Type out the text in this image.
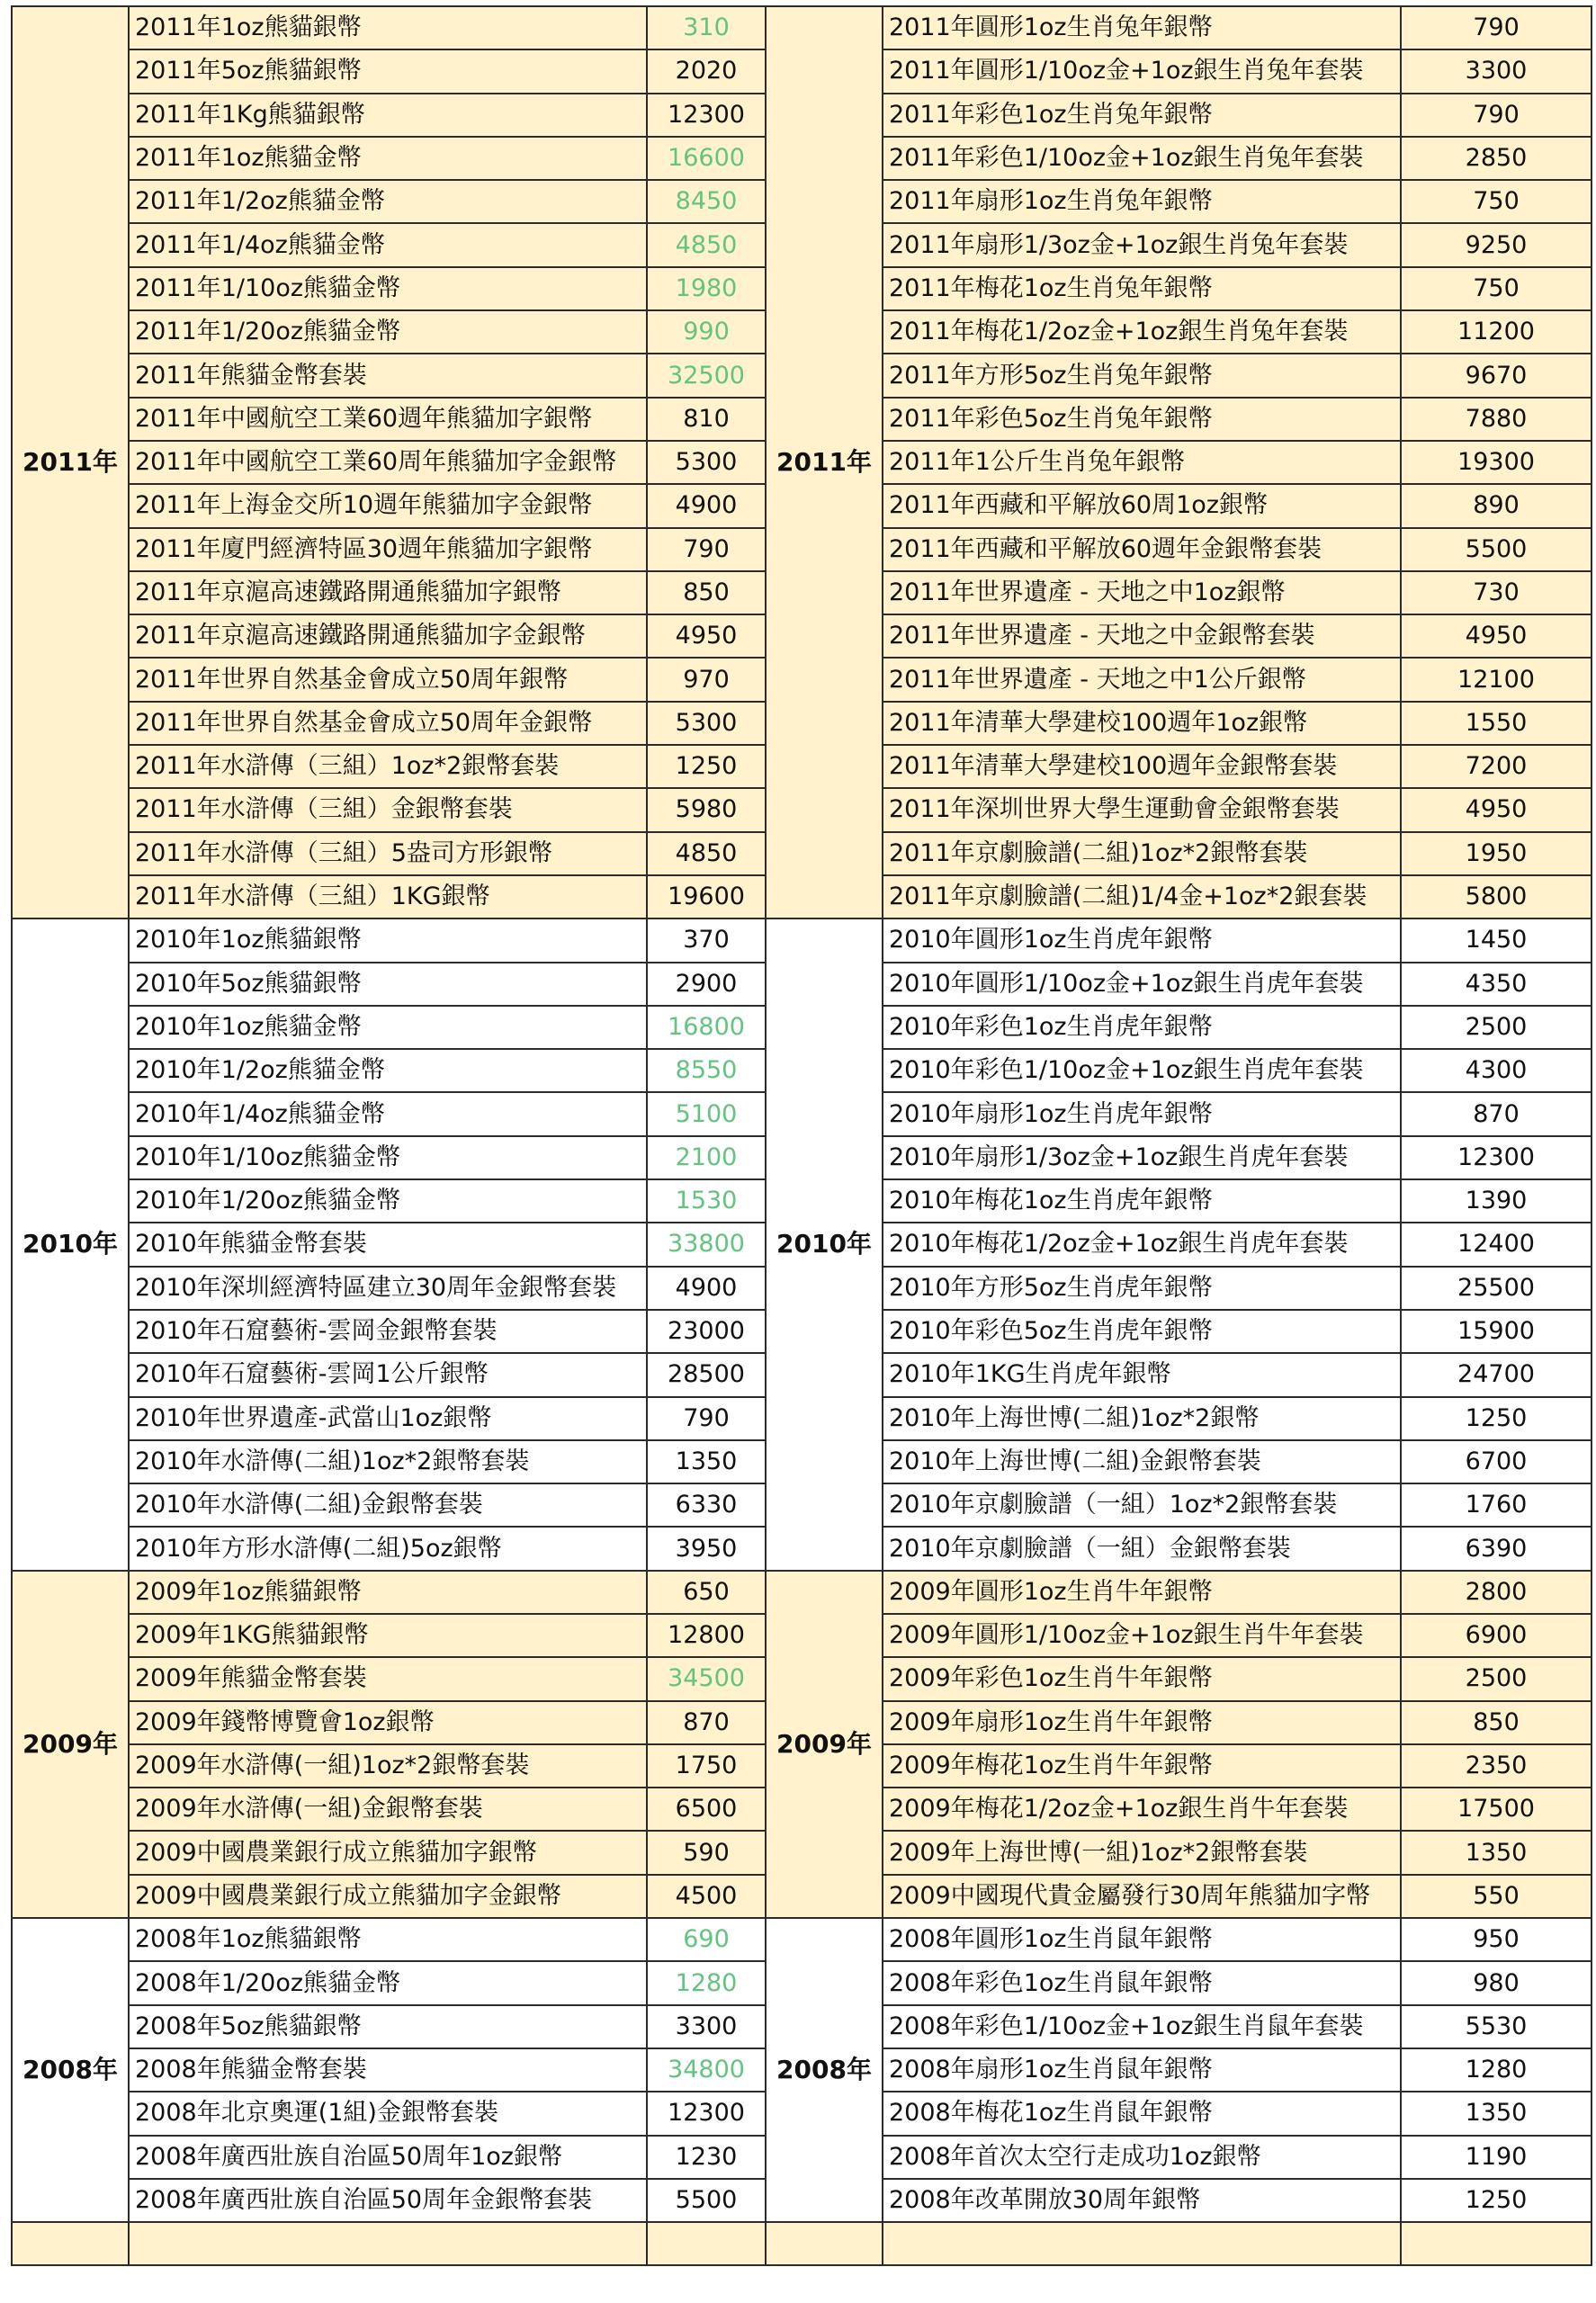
2011年	2011年1oz熊貓銀幣	310	2011年	2011年圓形1oz生肖兔年銀幣	790
	2011年5oz熊貓銀幣	2020		2011年圓形1/10oz金+1oz銀生肖兔年套裝	3300
	2011年1Kg熊貓銀幣	12300		2011年彩色1oz生肖兔年銀幣	790
	2011年1oz熊貓金幣	16600		2011年彩色1/10oz金+1oz銀生肖兔年套裝	2850
	2011年1/2oz熊貓金幣	8450		2011年扇形1oz生肖兔年銀幣	750
	2011年1/4oz熊貓金幣	4850		2011年扇形1/3oz金+1oz銀生肖兔年套裝	9250
	2011年1/10oz熊貓金幣	1980		2011年梅花1oz生肖兔年銀幣	750
	2011年1/20oz熊貓金幣	990		2011年梅花1/2oz金+1oz銀生肖兔年套裝	11200
	2011年熊貓金幣套裝	32500		2011年方形5oz生肖兔年銀幣	9670
	2011年中國航空工業60週年熊貓加字銀幣	810		2011年彩色5oz生肖兔年銀幣	7880
	2011年中國航空工業60周年熊貓加字金銀幣	5300		2011年1公斤生肖兔年銀幣	19300
	2011年上海金交所10週年熊貓加字金銀幣	4900		2011年西藏和平解放60周1oz銀幣	890
	2011年廈門經濟特區30週年熊貓加字銀幣	790		2011年西藏和平解放60週年金銀幣套裝	5500
	2011年京滬高速鐵路開通熊貓加字銀幣	850		2011年世界遺產 - 天地之中1oz銀幣	730
	2011年京滬高速鐵路開通熊貓加字金銀幣	4950		2011年世界遺產 - 天地之中金銀幣套裝	4950
	2011年世界自然基金會成立50周年銀幣	970		2011年世界遺產 - 天地之中1公斤銀幣	12100
	2011年世界自然基金會成立50周年金銀幣	5300		2011年清華大學建校100週年1oz銀幣	1550
	2011年水滸傳（三組）1oz*2銀幣套裝	1250		2011年清華大學建校100週年金銀幣套裝	7200
	2011年水滸傳（三組）金銀幣套裝	5980		2011年深圳世界大學生運動會金銀幣套裝	4950
	2011年水滸傳（三組）5盎司方形銀幣	4850		2011年京劇臉譜(二組)1oz*2銀幣套裝	1950
	2011年水滸傳（三組）1KG銀幣	19600		2011年京劇臉譜(二組)1/4金+1oz*2銀套裝	5800
2010年	2010年1oz熊貓銀幣	370	2010年	2010年圓形1oz生肖虎年銀幣	1450
	2010年5oz熊貓銀幣	2900		2010年圓形1/10oz金+1oz銀生肖虎年套裝	4350
	2010年1oz熊貓金幣	16800		2010年彩色1oz生肖虎年銀幣	2500
	2010年1/2oz熊貓金幣	8550		2010年彩色1/10oz金+1oz銀生肖虎年套裝	4300
	2010年1/4oz熊貓金幣	5100		2010年扇形1oz生肖虎年銀幣	870
	2010年1/10oz熊貓金幣	2100		2010年扇形1/3oz金+1oz銀生肖虎年套裝	12300
	2010年1/20oz熊貓金幣	1530		2010年梅花1oz生肖虎年銀幣	1390
	2010年熊貓金幣套裝	33800		2010年梅花1/2oz金+1oz銀生肖虎年套裝	12400
	2010年深圳經濟特區建立30周年金銀幣套裝	4900		2010年方形5oz生肖虎年銀幣	25500
	2010年石窟藝術-雲岡金銀幣套裝	23000		2010年彩色5oz生肖虎年銀幣	15900
	2010年石窟藝術-雲岡1公斤銀幣	28500		2010年1KG生肖虎年銀幣	24700
	2010年世界遺產-武當山1oz銀幣	790		2010年上海世博(二組)1oz*2銀幣	1250
	2010年水滸傳(二組)1oz*2銀幣套裝	1350		2010年上海世博(二組)金銀幣套裝	6700
	2010年水滸傳(二組)金銀幣套裝	6330		2010年京劇臉譜（一組）1oz*2銀幣套裝	1760
	2010年方形水滸傳(二組)5oz銀幣	3950		2010年京劇臉譜（一組）金銀幣套裝	6390
2009年	2009年1oz熊貓銀幣	650	2009年	2009年圓形1oz生肖牛年銀幣	2800
	2009年1KG熊貓銀幣	12800		2009年圓形1/10oz金+1oz銀生肖牛年套裝	6900
	2009年熊貓金幣套裝	34500		2009年彩色1oz生肖牛年銀幣	2500
	2009年錢幣博覽會1oz銀幣	870		2009年扇形1oz生肖牛年銀幣	850
	2009年水滸傳(一組)1oz*2銀幣套裝	1750		2009年梅花1oz生肖牛年銀幣	2350
	2009年水滸傳(一組)金銀幣套裝	6500		2009年梅花1/2oz金+1oz銀生肖牛年套裝	17500
	2009中國農業銀行成立熊貓加字銀幣	590		2009年上海世博(一組)1oz*2銀幣套裝	1350
	2009中國農業銀行成立熊貓加字金銀幣	4500		2009中國現代貴金屬發行30周年熊貓加字幣	550
2008年	2008年1oz熊貓銀幣	690	2008年	2008年圓形1oz生肖鼠年銀幣	950
	2008年1/20oz熊貓金幣	1280		2008年彩色1oz生肖鼠年銀幣	980
	2008年5oz熊貓銀幣	3300		2008年彩色1/10oz金+1oz銀生肖鼠年套裝	5530
	2008年熊貓金幣套裝	34800		2008年扇形1oz生肖鼠年銀幣	1280
	2008年北京奧運(1組)金銀幣套裝	12300		2008年梅花1oz生肖鼠年銀幣	1350
	2008年廣西壯族自治區50周年1oz銀幣	1230		2008年首次太空行走成功1oz銀幣	1190
	2008年廣西壯族自治區50周年金銀幣套裝	5500		2008年改革開放30周年銀幣	1250
